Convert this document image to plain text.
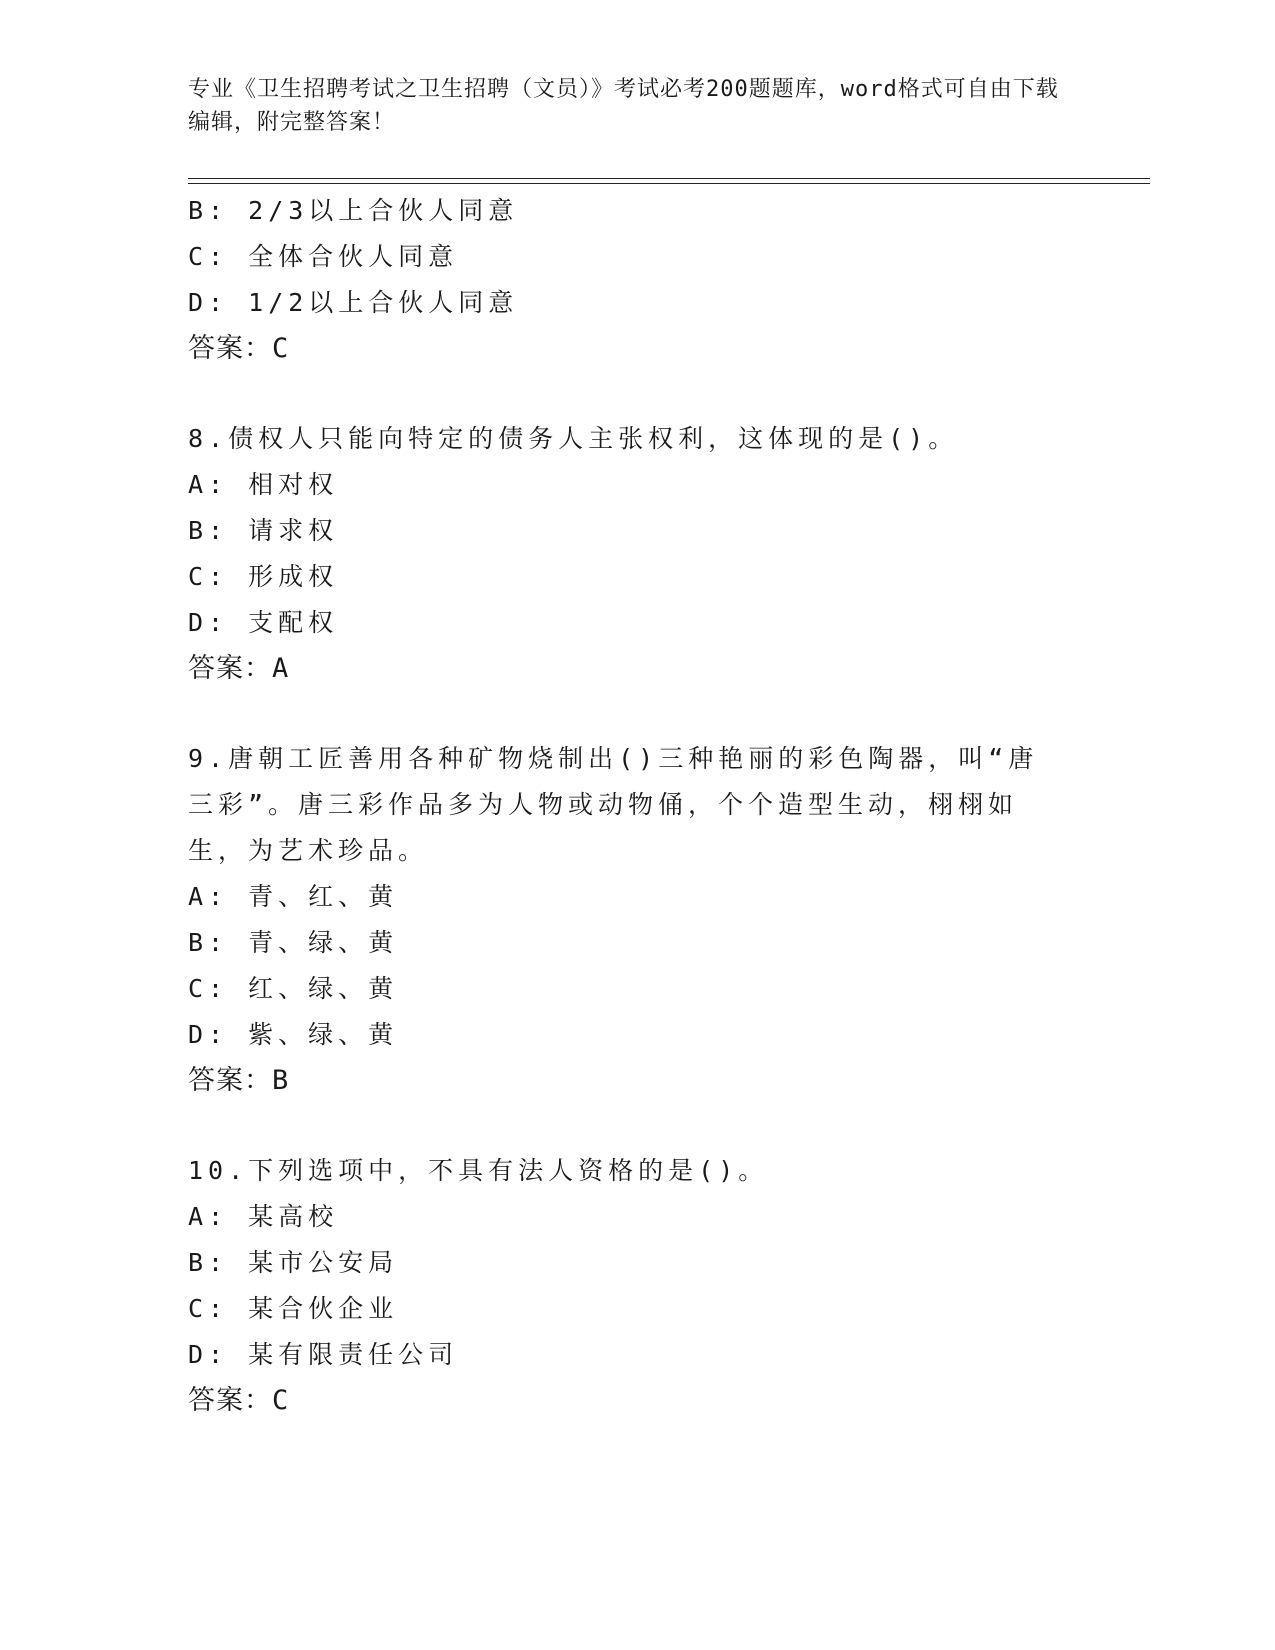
专业《卫生招聘考试之卫生招聘（文员）》考试必考200题题库，word格式可自由下载编辑，附完整答案！
B: 2/3以上合伙人同意
C: 全体合伙人同意
D: 1/2以上合伙人同意
答案：C
8.债权人只能向特定的债务人主张权利，这体现的是()。
A: 相对权
B: 请求权
C: 形成权
D: 支配权
答案：A
9.唐朝工匠善用各种矿物烧制出()三种艳丽的彩色陶器，叫“唐三彩”。唐三彩作品多为人物或动物俑，个个造型生动，栩栩如生，为艺术珍品。
A: 青、红、黄
B: 青、绿、黄
C: 红、绿、黄
D: 紫、绿、黄
答案：B
10.下列选项中，不具有法人资格的是()。
A: 某高校
B: 某市公安局
C: 某合伙企业
D: 某有限责任公司
答案：C
